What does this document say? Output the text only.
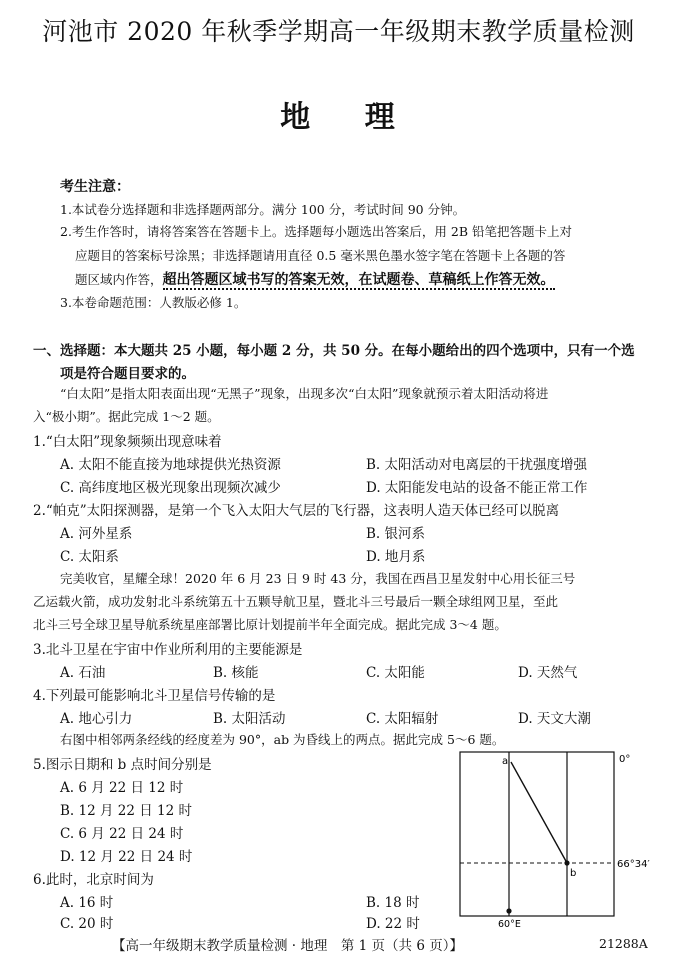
河池市 2020 年秋季学期高一年级期末教学质量检测
地 理
考生注意：
1.本试卷分选择题和非选择题两部分。满分 100 分，考试时间 90 分钟。
2.考生作答时，请将答案答在答题卡上。选择题每小题选出答案后，用 2B 铅笔把答题卡上对
应题目的答案标号涂黑；非选择题请用直径 0.5 毫米黑色墨水签字笔在答题卡上各题的答
题区域内作答，超出答题区域书写的答案无效，在试题卷、草稿纸上作答无效。
3.本卷命题范围：人教版必修 1。
一、选择题：本大题共 25 小题，每小题 2 分，共 50 分。在每小题给出的四个选项中，只有一个选
项是符合题目要求的。
“白太阳”是指太阳表面出现“无黑子”现象，出现多次“白太阳”现象就预示着太阳活动将进
入“极小期”。据此完成 1～2 题。
1.“白太阳”现象频频出现意味着
A. 太阳不能直接为地球提供光热资源	B. 太阳活动对电离层的干扰强度增强
C. 高纬度地区极光现象出现频次减少	D. 太阳能发电站的设备不能正常工作
2.“帕克”太阳探测器，是第一个飞入太阳大气层的飞行器，这表明人造天体已经可以脱离
A. 河外星系	B. 银河系
C. 太阳系	D. 地月系
完美收官，星耀全球！2020 年 6 月 23 日 9 时 43 分，我国在西昌卫星发射中心用长征三号
乙运载火箭，成功发射北斗系统第五十五颗导航卫星，暨北斗三号最后一颗全球组网卫星，至此
北斗三号全球卫星导航系统星座部署比原计划提前半年全面完成。据此完成 3～4 题。
3.北斗卫星在宇宙中作业所利用的主要能源是
A. 石油	B. 核能	C. 太阳能	D. 天然气
4.下列最可能影响北斗卫星信号传输的是
A. 地心引力	B. 太阳活动	C. 太阳辐射	D. 天文大潮
右图中相邻两条经线的经度差为 90°，ab 为昏线上的两点。据此完成 5～6 题。
5.图示日期和 b 点时间分别是
A. 6 月 22 日 12 时
B. 12 月 22 日 12 时
C. 6 月 22 日 24 时
D. 12 月 22 日 24 时
6.此时，北京时间为
A. 16 时	B. 18 时
C. 20 时	D. 22 时
a
b
0°
66°34′
60°E
【高一年级期末教学质量检测 · 地理　第 1 页（共 6 页）】	21288A
